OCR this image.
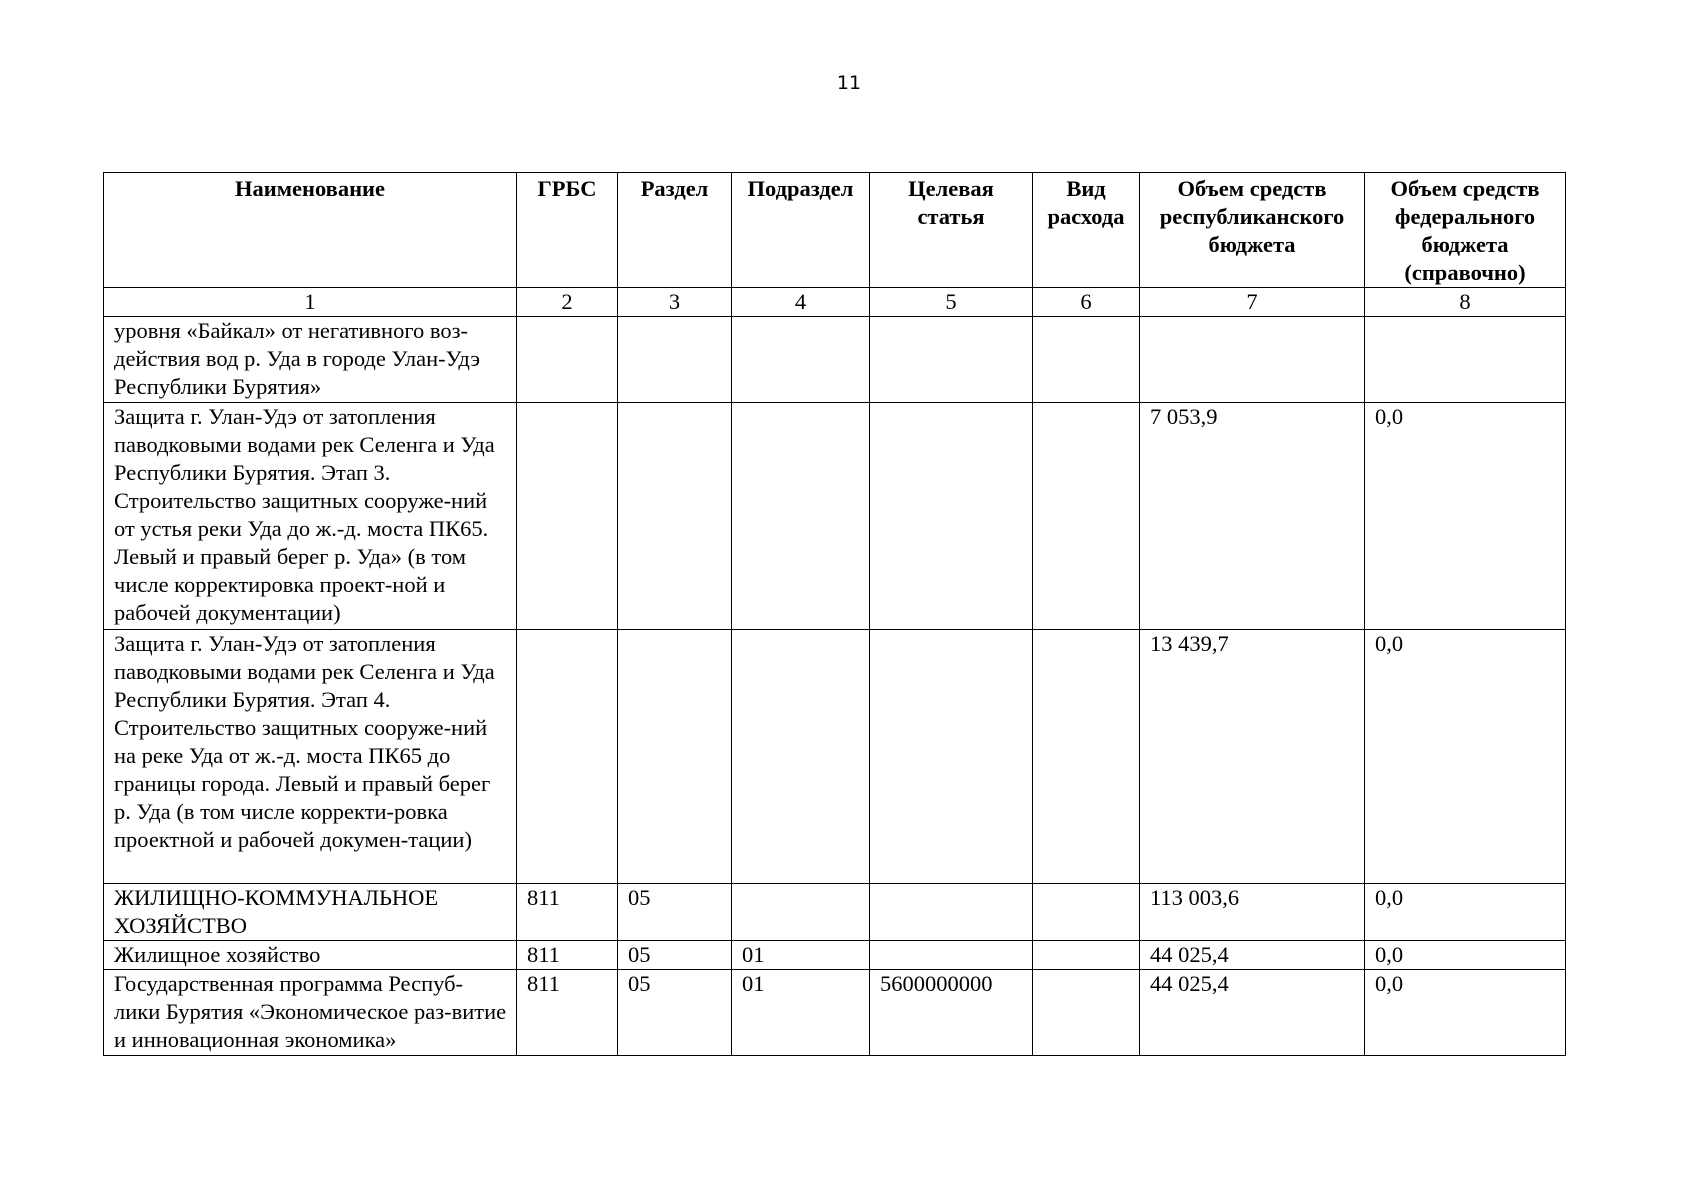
11
Наименование	ГРБС	Раздел	Подраздел	Целевая статья	Вид расхода	Объем средств республиканского бюджета	Объем средств федерального бюджета (справочно)
1	2	3	4	5	6	7	8
уровня «Байкал» от негативного воз-действия вод р. Уда в городе Улан-Удэ Республики Бурятия»							
Защита г. Улан-Удэ от затопления паводковыми водами рек Селенга и Уда Республики Бурятия. Этап 3. Строительство защитных сооруже-ний от устья реки Уда до ж.-д. моста ПК65. Левый и правый берег р. Уда» (в том числе корректировка проект-ной и рабочей документации)						7 053,9	0,0
Защита г. Улан-Удэ от затопления паводковыми водами рек Селенга и Уда Республики Бурятия. Этап 4. Строительство защитных сооруже-ний на реке Уда от ж.-д. моста ПК65 до границы города. Левый и правый берег р. Уда (в том числе корректи-ровка проектной и рабочей докумен-тации)						13 439,7	0,0
ЖИЛИЩНО-КОММУНАЛЬНОЕ ХОЗЯЙСТВО	811	05				113 003,6	0,0
Жилищное хозяйство	811	05	01			44 025,4	0,0
Государственная программа Респуб-лики Бурятия «Экономическое раз-витие и инновационная экономика»	811	05	01	5600000000		44 025,4	0,0
